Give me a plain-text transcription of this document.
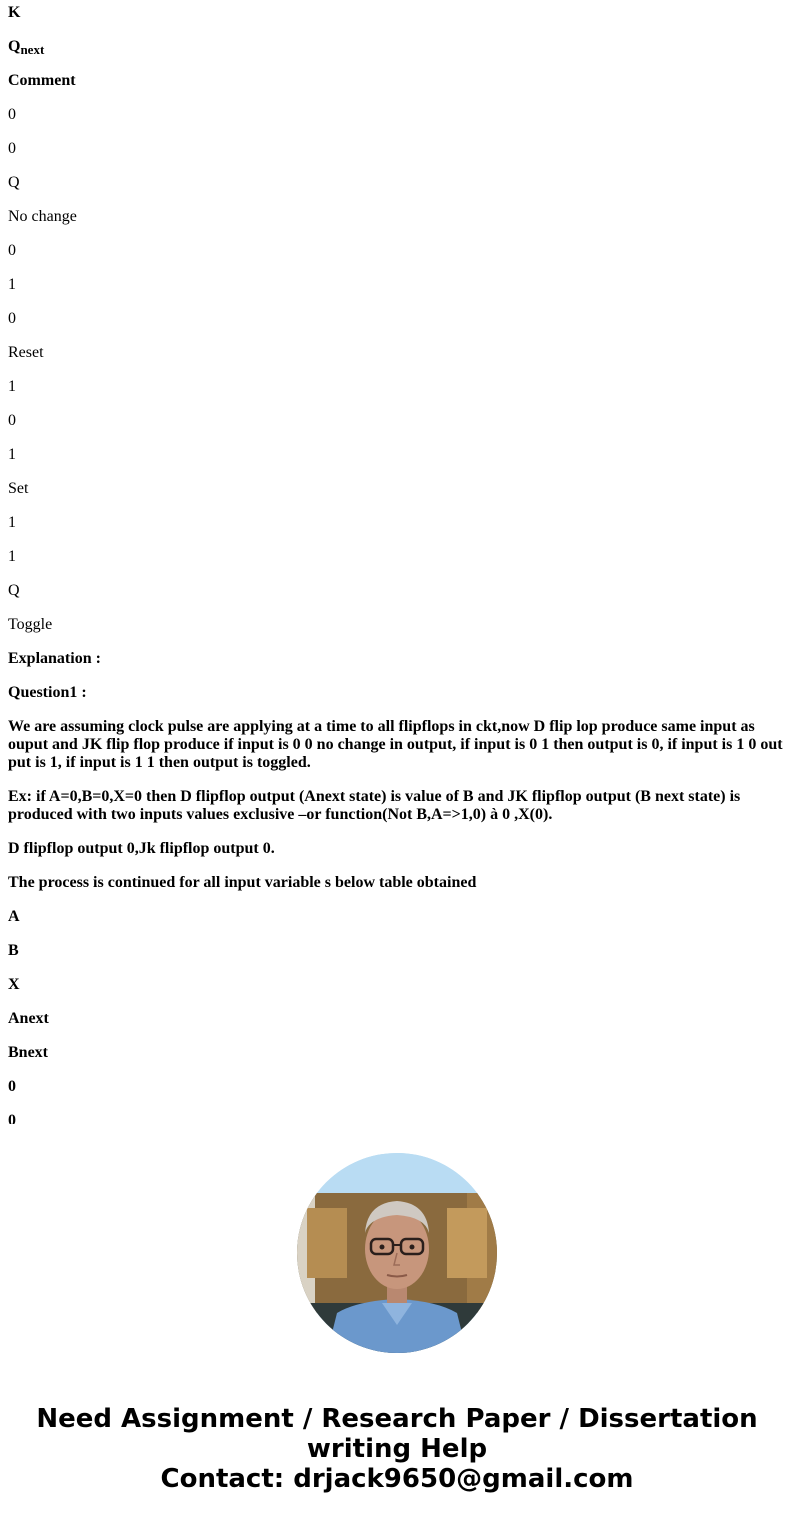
K

$Q_{next}$

Comment

0

0

Q

No change

0

1

0

Reset

1

0

1

Set

1

1

Q

Toggle

Explanation :

Question1 :

We are assuming clock pulse are applying at a time to all flipflops in ckt,now D flip lop produce same input as ouput and JK flip flop produce if input is 0 0 no change in output, if input is 0 1 then output is 0, if input is 1 0 out put is 1, if input is 1 1 then output is toggled.

Ex: if A=0,B=0,X=0 then D flipflop output (Anext state) is value of B and JK flipflop output (B next state) is produced with two inputs values exclusive –or function(Not B,A=>1,0) à 0 ,X(0).

D flipflop output 0,Jk flipflop output 0.

The process is continued for all input variable s below table obtained

A

B

X

Anext

Bnext

0

0

Need Assignment / Research Paper / Dissertation
writing Help
Contact: drjack9650@gmail.com
